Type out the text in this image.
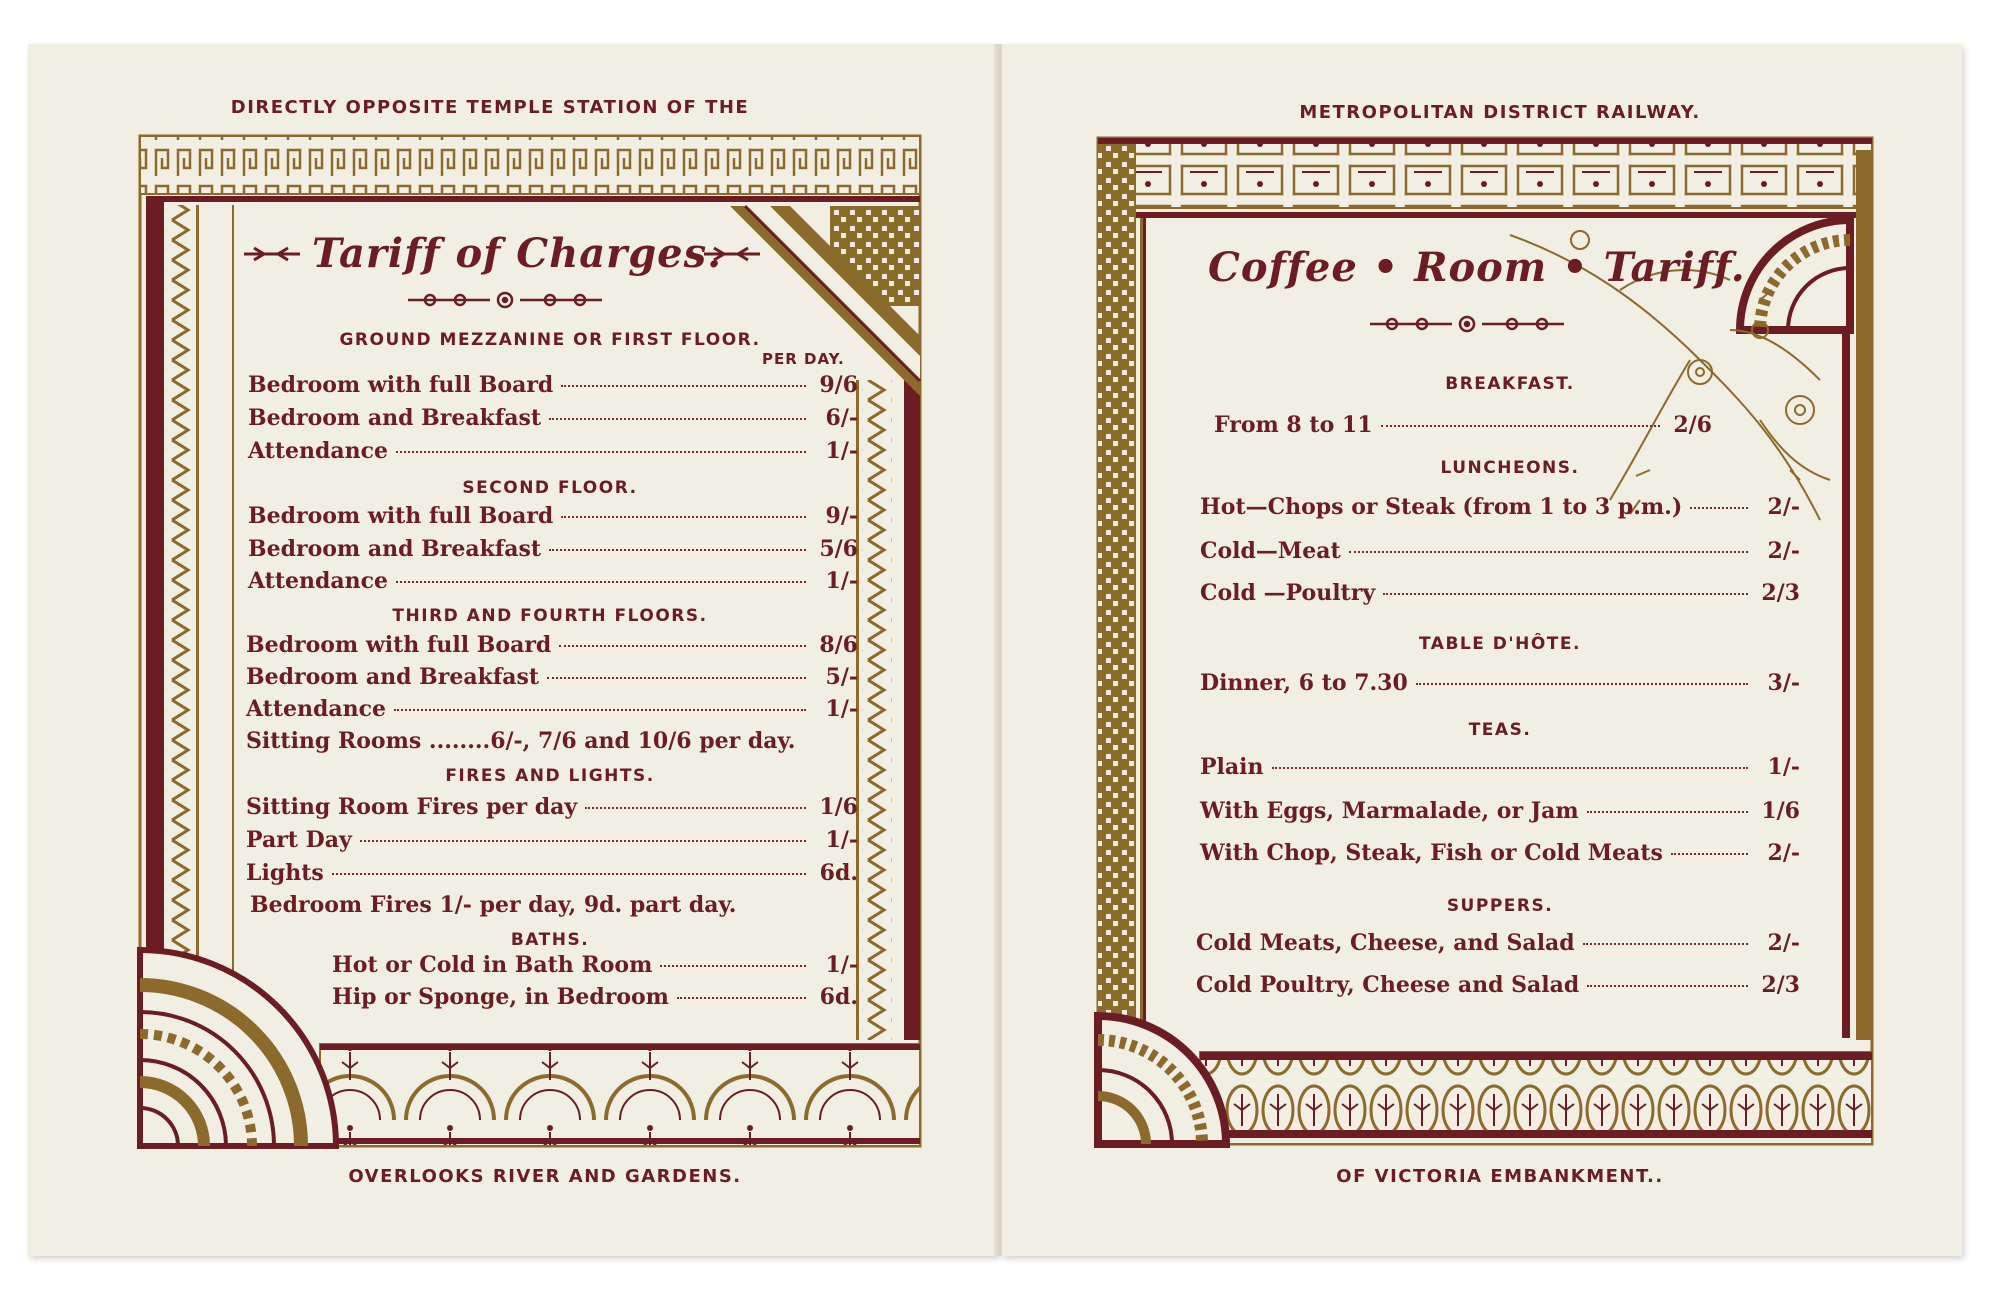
DIRECTLY OPPOSITE TEMPLE STATION OF THE
OVERLOOKS RIVER AND GARDENS.
Tariff of Charges.
GROUND MEZZANINE OR FIRST FLOOR.
PER DAY.
Bedroom with full Board	9/6
Bedroom and Breakfast	6/-
Attendance	1/-
SECOND FLOOR.
Bedroom with full Board	9/-
Bedroom and Breakfast	5/6
Attendance	1/-
THIRD AND FOURTH FLOORS.
Bedroom with full Board	8/6
Bedroom and Breakfast	5/-
Attendance	1/-
Sitting Rooms ........6/-, 7/6 and 10/6 per day.
FIRES AND LIGHTS.
Sitting Room Fires per day	1/6
Part Day	1/-
Lights	6d.
Bedroom Fires 1/- per day, 9d. part day.
BATHS.
Hot or Cold in Bath Room	1/-
Hip or Sponge, in Bedroom	6d.
METROPOLITAN DISTRICT RAILWAY.
OF VICTORIA EMBANKMENT..
Coffee • Room • Tariff.
BREAKFAST.
From 8 to 11	2/6
LUNCHEONS.
Hot—Chops or Steak (from 1 to 3 p.m.)	2/-
Cold—Meat	2/-
Cold —Poultry	2/3
TABLE D'HÔTE.
Dinner, 6 to 7.30	3/-
TEAS.
Plain	1/-
With Eggs, Marmalade, or Jam	1/6
With Chop, Steak, Fish or Cold Meats	2/-
SUPPERS.
Cold Meats, Cheese, and Salad	2/-
Cold Poultry, Cheese and Salad	2/3
